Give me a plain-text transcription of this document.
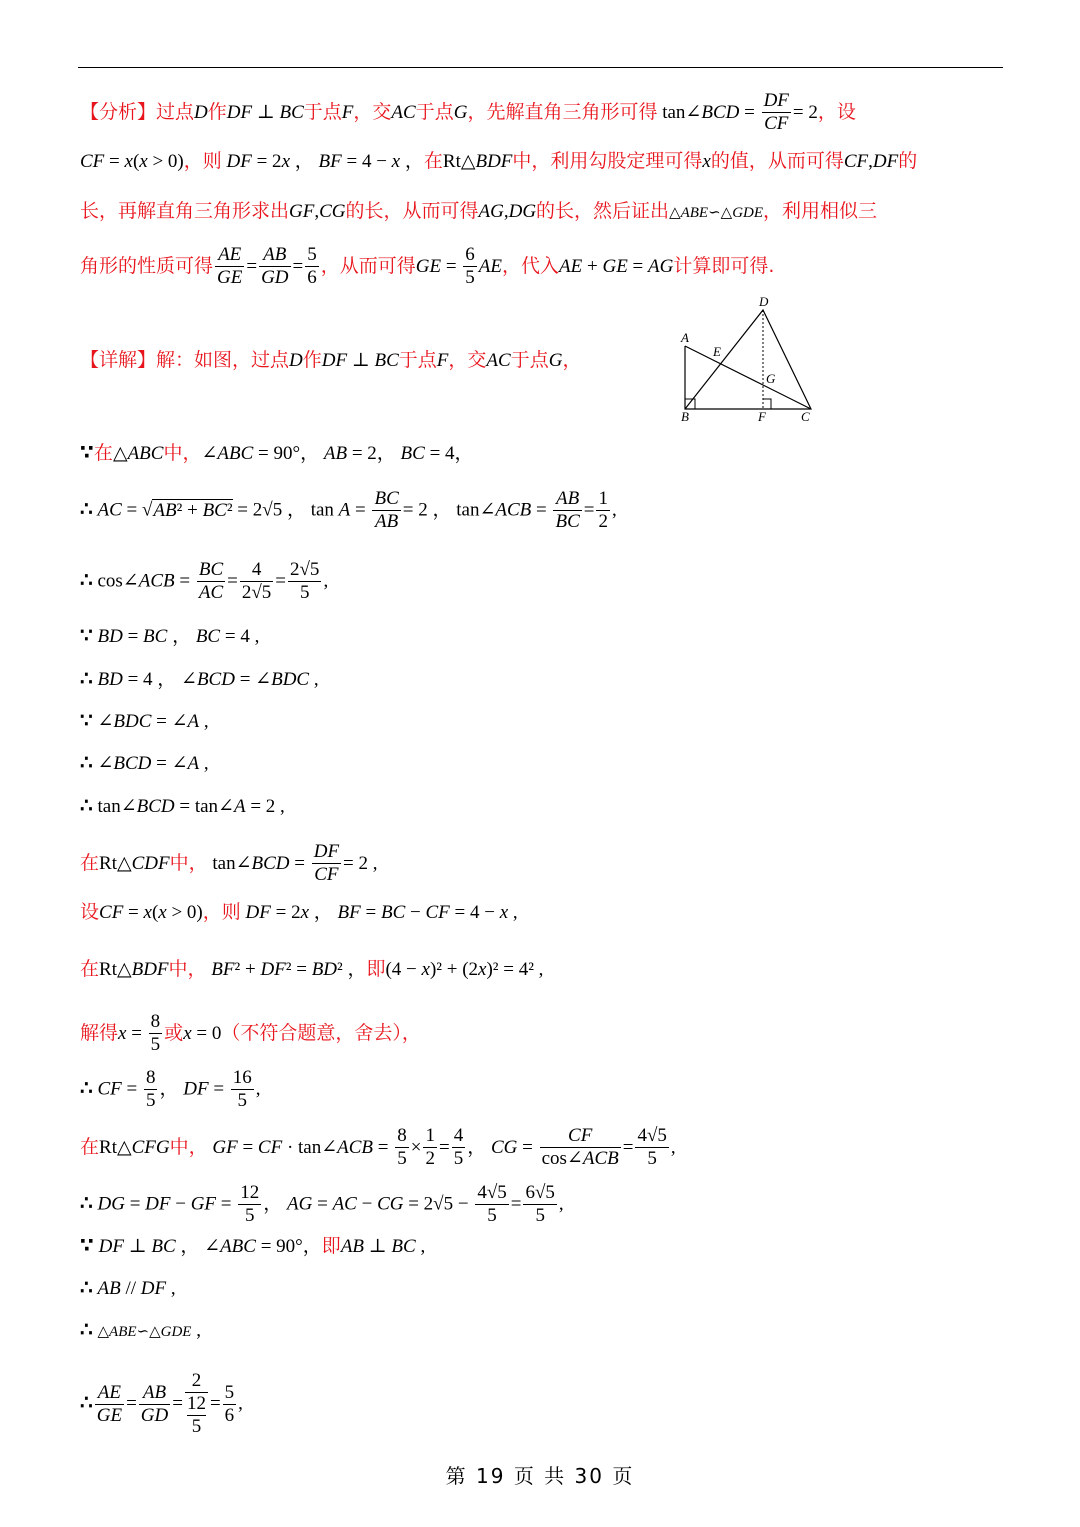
【分析】过点D作DF ⊥ BC于点F，交AC于点G，先解直角三角形可得 tan∠BCD = $\frac{DF}{CF} = 2$，设
CF = x(x > 0)，则 DF = 2x ， BF = 4 − x ，在Rt△BDF中，利用勾股定理可得x的值，从而可得CF,DF的
长，再解直角三角形求出GF,CG的长，从而可得AG,DG的长，然后证出△ABE∽△GDE，利用相似三
角形的性质可得 $\frac{AE}{GE} = \frac{AB}{GD} = \frac{5}{6}$ ，从而可得GE = $\frac{6}{5}$ AE，代入AE + GE = AG计算即可得.
【详解】解：如图，过点D作DF ⊥ BC于点F，交AC于点G，
D
A
E
G
B	F	C
∵在△ABC中，∠ABC = 90°， AB = 2， BC = 4，
∴ AC = √AB² + BC² = 2√5 ， $\tan A = \frac{BC}{AB} = 2$ ， tan∠ACB = $\frac{AB}{BC} = \frac{1}{2}$ ,
∴ cos∠ACB = $\frac{BC}{AC} = \frac{4}{2√5} = \frac{2√5}{5}$ ,
∵ BD = BC ， BC = 4 ,
∴ BD = 4 ， ∠BCD = ∠BDC ,
∵ ∠BDC = ∠A ,
∴ ∠BCD = ∠A ,
∴ tan∠BCD = tan∠A = 2 ,
在Rt△CDF中， tan∠BCD = $\frac{DF}{CF} = 2$ ,
设CF = x(x > 0)，则 DF = 2x ， BF = BC − CF = 4 − x ,
在Rt△BDF中， BF² + DF² = BD² ，即(4 − x)² + (2x)² = 4² ,
解得$x = \frac{8}{5}$ 或x = 0（不符合题意，舍去），
∴ CF = $\frac{8}{5}$ ， DF = $\frac{16}{5}$ ,
在Rt△CFG中， GF = CF · tan∠ACB = $\frac{8}{5} \times \frac{1}{2} = \frac{4}{5}$ ， CG = $\frac{CF}{\text{cos∠ACB}} = \frac{4√5}{5}$ ,
∴ DG = DF − GF = $\frac{12}{5}$ ， AG = AC − CG = $2√5 - \frac{4√5}{5} = \frac{6√5}{5}$ ,
∵ DF ⊥ BC ， ∠ABC = 90°，即AB ⊥ BC ,
∴ AB // DF ,
∴ △ABE∽△GDE ,
∴ $\frac{AE}{GE} = \frac{AB}{GD}$ =
2
12
5
= $\frac{5}{6}$ ,
第 19 页 共 30 页
